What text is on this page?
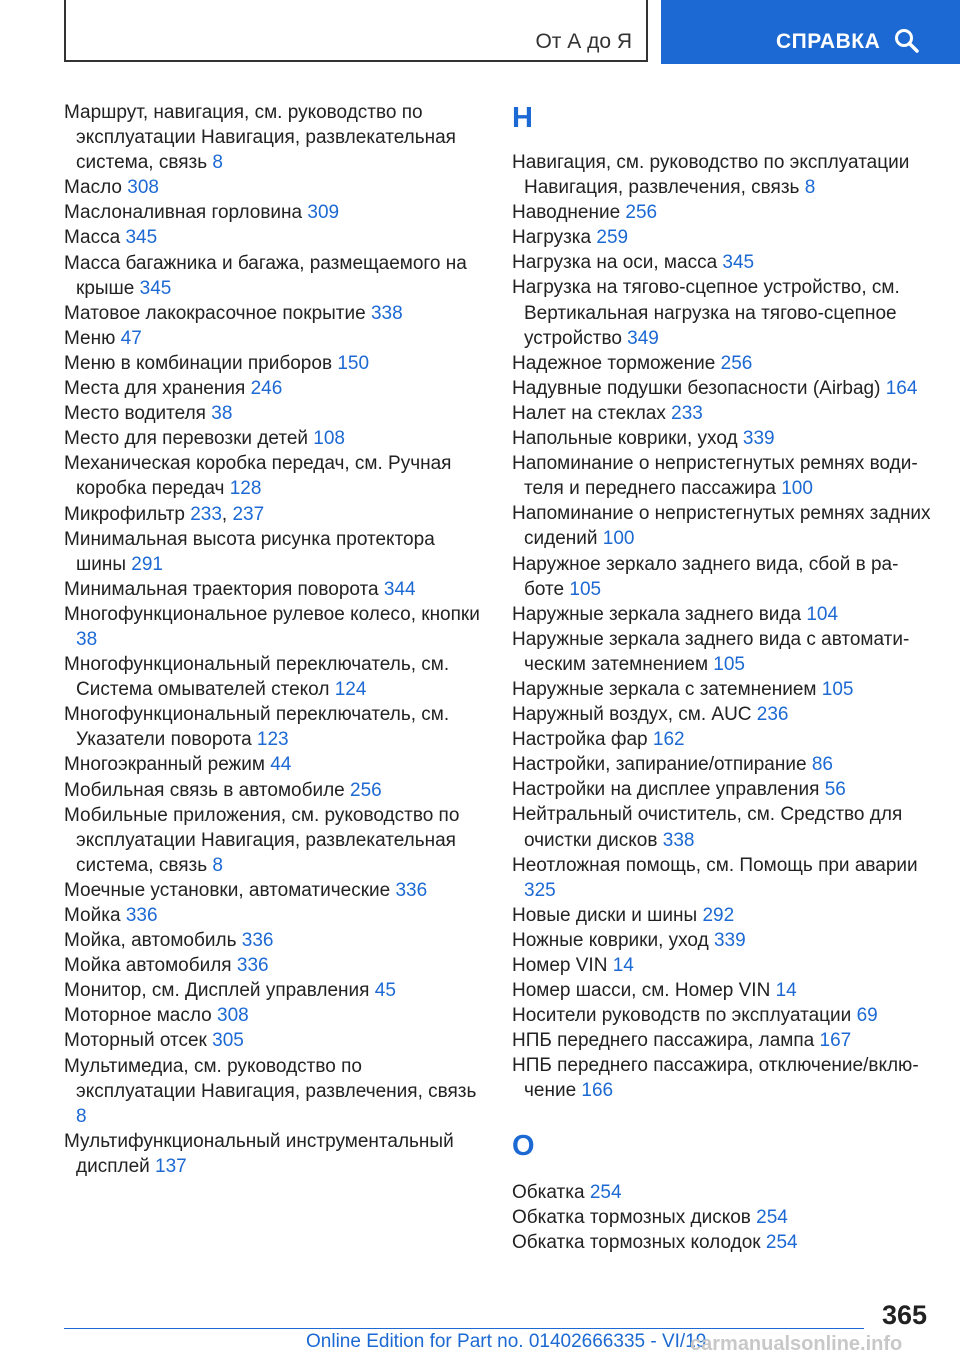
От А до Я	СПРАВКА
Маршрут, навигация, см. руководство по эксплуатации Навигация, развлекательная система, связь 8
Масло 308
Маслоналивная горловина 309
Масса 345
Масса багажника и багажа, размещаемого на крыше 345
Матовое лакокрасочное покрытие 338
Меню 47
Меню в комбинации приборов 150
Места для хранения 246
Место водителя 38
Место для перевозки детей 108
Механическая коробка передач, см. Ручная коробка передач 128
Микрофильтр 233, 237
Минимальная высота рисунка протектора шины 291
Минимальная траектория поворота 344
Многофункциональное рулевое колесо, кнопки 38
Многофункциональный переключатель, см. Система омывателей стекол 124
Многофункциональный переключатель, см. Указатели поворота 123
Многоэкранный режим 44
Мобильная связь в автомобиле 256
Мобильные приложения, см. руководство по эксплуатации Навигация, развлекательная система, связь 8
Моечные установки, автоматические 336
Мойка 336
Мойка, автомобиль 336
Мойка автомобиля 336
Монитор, см. Дисплей управления 45
Моторное масло 308
Моторный отсек 305
Мультимедиа, см. руководство по эксплуатации Навигация, развлечения, связь 8
Мультифункциональный инструментальный дисплей 137
Н
Навигация, см. руководство по эксплуатации Навигация, развлечения, связь 8
Наводнение 256
Нагрузка 259
Нагрузка на оси, масса 345
Нагрузка на тягово-сцепное устройство, см. Вертикальная нагрузка на тягово-сцепное устройство 349
Надежное торможение 256
Надувные подушки безопасности (Airbag) 164
Налет на стеклах 233
Напольные коврики, уход 339
Напоминание о непристегнутых ремнях водителя и переднего пассажира 100
Напоминание о непристегнутых ремнях задних сидений 100
Наружное зеркало заднего вида, сбой в работе 105
Наружные зеркала заднего вида 104
Наружные зеркала заднего вида с автоматическим затемнением 105
Наружные зеркала с затемнением 105
Наружный воздух, см. AUC 236
Настройка фар 162
Настройки, запирание/отпирание 86
Настройки на дисплее управления 56
Нейтральный очиститель, см. Средство для очистки дисков 338
Неотложная помощь, см. Помощь при аварии 325
Новые диски и шины 292
Ножные коврики, уход 339
Номер VIN 14
Номер шасси, см. Номер VIN 14
Носители руководств по эксплуатации 69
НПБ переднего пассажира, лампа 167
НПБ переднего пассажира, отключение/включение 166
О
Обкатка 254
Обкатка тормозных дисков 254
Обкатка тормозных колодок 254
365
Online Edition for Part no. 01402666335 - VI/19
carmanualsonline.info
